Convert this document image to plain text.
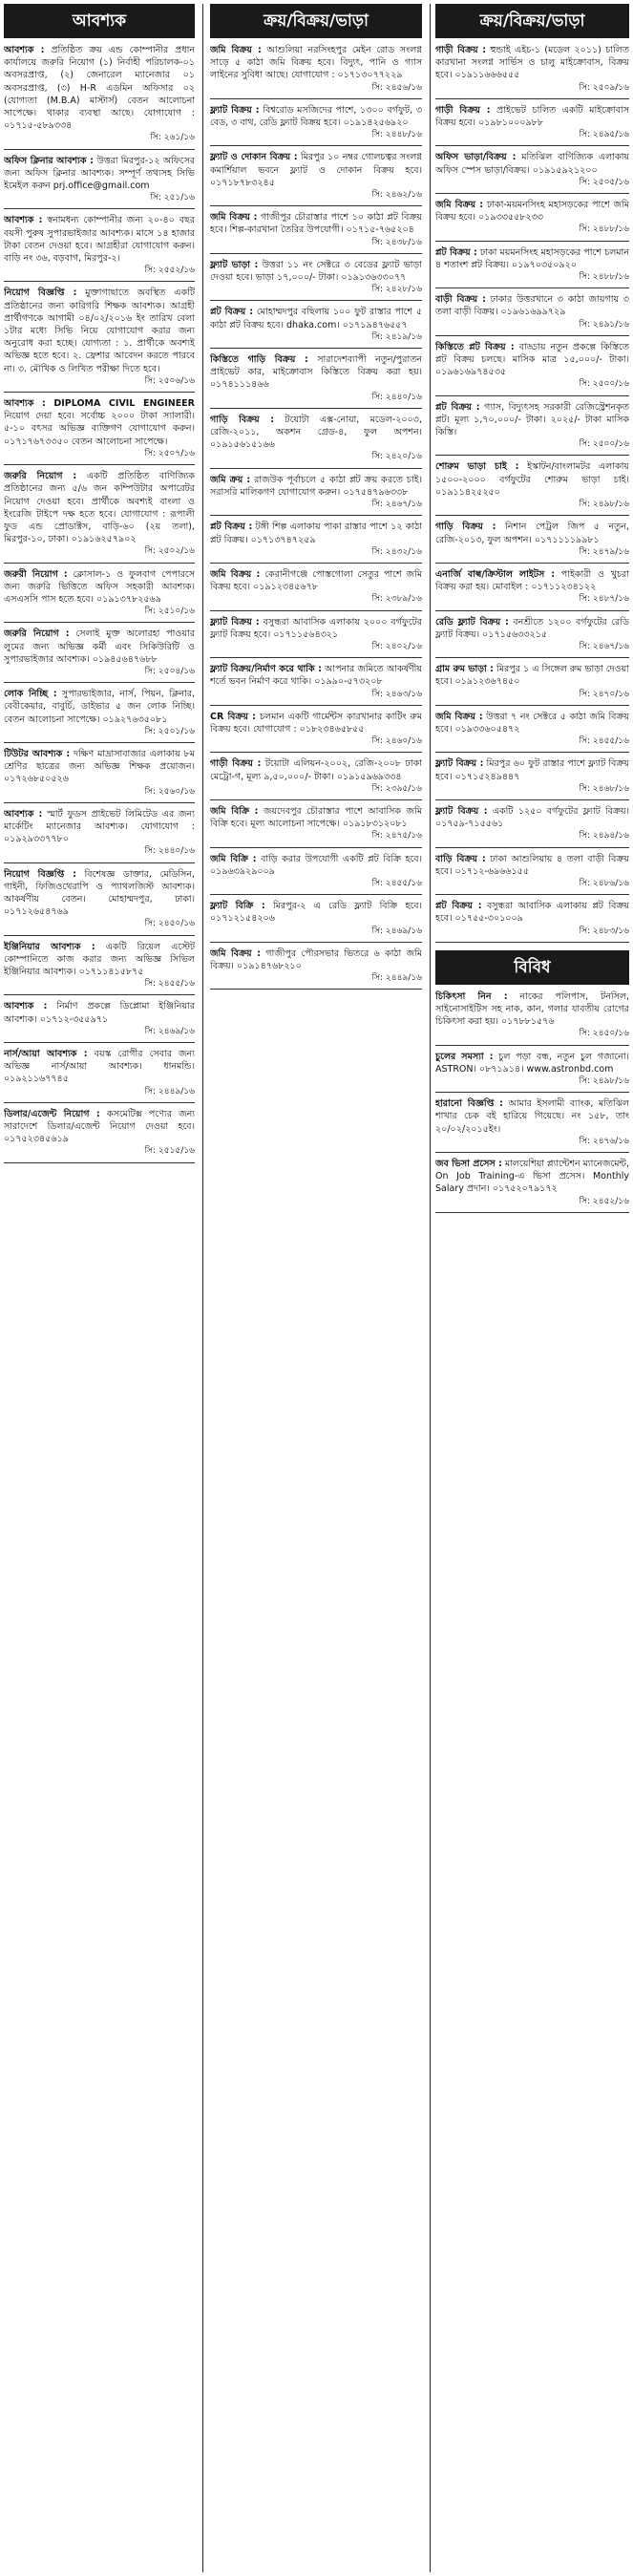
আবশ্যক
আবশ্যক : প্রতিষ্ঠিত ক্রয় এন্ড কোম্পানীর প্রধান কার্যালয়ে জরুরি নিয়োগ (১) নির্বাহী পরিচালক-০১ অবসরপ্রাপ্ত, (২) জেনারেল ম্যানেজার ০১ অবসরপ্রাপ্ত, (৩) H-R এডমিন অফিসার ০২ (যোগ্যতা (M.B.A) মাস্টার্স) বেতন আলোচনা সাপেক্ষে। থাকার ব্যবস্থা আছে। যোগাযোগ : ০১৭১৫-৫৮৯৩৩৪
সি: ২৬১/১৬
অফিস ক্লিনার আবশ্যক : উত্তরা মিরপুর-১২ অফিসের জন্য অফিস ক্লিনার আবশ্যক। সম্পূর্ণ তথ্যসহ সিভি ইমেইল করুন prj.office@gmail.com
সি: ২৫১/১৬
আবশ্যক : স্বনামধন্য কোম্পানীর জন্য ২০-৪০ বছর বয়সী পুরুষ সুপারভাইজার আবশ্যক। মাসে ১৪ হাজার টাকা বেতন দেওয়া হবে। আগ্রহীরা যোগাযোগ করুন। বাড়ি নং ৩৬, বড়বাগ, মিরপুর-২।
সি: ২৫৫২/১৬
নিয়োগ বিজ্ঞপ্তি : মুক্তাগাছাতে অবস্থিত একটি প্রতিষ্ঠানের জন্য কারিগরি শিক্ষক আবশ্যক। আগ্রহী প্রার্থীগণকে আগামী ০৪/০২/২০১৬ ইং তারিখ বেলা ১টার মধ্যে সিভি নিয়ে যোগাযোগ করার জন্য অনুরোধ করা হচ্ছে। যোগ্যতা : ১. প্রার্থীকে অবশ্যই অভিজ্ঞ হতে হবে। ২. ফ্রেশার আবেদন করতে পারবে না। ৩. মৌখিক ও লিখিত পরীক্ষা দিতে হবে।
সি: ২৫০৬/১৬
আবশ্যক : DIPLOMA CIVIL ENGINEER নিয়োগ দেয়া হবে। সর্বোচ্চ ২০০০ টাকা স্যালারী। ৫-১০ বৎসর অভিজ্ঞ ব্যক্তিগণ যোগাযোগ করুন। ০১৭১৭৬৭৩৩৫০ বেতন আলোচনা সাপেক্ষে।
সি: ২৫০৭/১৬
জরুরি নিয়োগ : একটি প্রতিষ্ঠিত বাণিজ্যিক প্রতিষ্ঠানের জন্য ৫/৬ জন কম্পিউটার অপারেটর নিয়োগ দেওয়া হবে। প্রার্থীকে অবশ্যই বাংলা ও ইংরেজি টাইপে দক্ষ হতে হবে। যোগাযোগ : রূপালী ফুড এন্ড প্রোডাক্টস, বাড়ি-৬০ (২য় তলা), মিরপুর-১০, ঢাকা। ০১৯১৬২৫৭৯০২
সি: ২৫০২/১৬
জরুরী নিয়োগ : ক্লোসাল-১ ও ফুলবাগ পেপারসে জন্য জরুরি ভিত্তিতে অফিস সহকারী আবশ্যক। এসএসসি পাস হতে হবে। ০১৯১৩৭৮২৫৬৯
সি: ২৫১০/১৬
জরুরি নিয়োগ : সেলাই মুক্ত অলোরহা পাওয়ার লুমের জন্য অভিজ্ঞ কর্মী এবং সিকিউরিটি ও সুপারভাইজার আবশ্যক। ০১৯৪৫৬৪৭৬৮৮
সি: ২৫০৪/১৬
লোক নিচ্ছি : সুপারভাইজার, নার্স, পিয়ন, ক্লিনার, বেবীকেয়ার, বাবুর্চি, ডাইভার ৫ জন লোক নিচ্ছি। বেতন আলোচনা সাপেক্ষে। ০১৯২৭৬৩৫০৮১
সি: ২৫০১/১৬
টিউটর আবশ্যক : দক্ষিণ মাদ্রাসাবাজার এলাকায় ৮ম শ্রেণির ছাত্রের জন্য অভিজ্ঞ শিক্ষক প্রয়োজন। ০১৭২৬৮৫০৫২৬
সি: ২৫৬০/১৬
আবশ্যক : স্মার্ট ফুডস প্রাইভেট লিমিটেড এর জন্য মার্কেটিং ম্যানেজার আবশ্যক। যোগাযোগ : ০১৯২৯৩৩৭৭৮০
সি: ২৪৪০/১৬
নিয়োগ বিজ্ঞপ্তি : বিশেষজ্ঞ ডাক্তার, মেডিসিন, গাইনী, ফিজিওথেরাপি ও প্যাথলজিস্ট আবশ্যক। আকর্ষণীয় বেতন। মোহাম্মদপুর, ঢাকা। ০১৭১২৬৫৪৭৬৯
সি: ২৪৫০/১৬
ইঞ্জিনিয়ার আবশ্যক : একটি রিয়েল এস্টেট কোম্পানিতে কাজ করার জন্য অভিজ্ঞ সিভিল ইঞ্জিনিয়ার আবশ্যক। ০১৭১১৪১৫৮৭৫
সি: ২৪৫৫/১৬
আবশ্যক : নির্মাণ প্রকল্পে ডিপ্লোমা ইঞ্জিনিয়ার আবশ্যক। ০১৭১২-৩৫৫৯৭১
সি: ২৪৬৯/১৬
নার্স/আয়া আবশ্যক : বয়স্ক রোগীর সেবার জন্য অভিজ্ঞ নার্স/আয়া আবশ্যক। ধানমন্ডি। ০১৯২১১৬৭৭৪৫
সি: ২৪৪৯/১৬
ডিলার/এজেন্ট নিয়োগ : কসমেটিক্স পণ্যের জন্য সারাদেশে ডিলার/এজেন্ট নিয়োগ দেওয়া হবে। ০১৭৫২৩৪৫৬১৯
সি: ২৫১৫/১৬
ক্রয়/বিক্রয়/ভাড়া
জমি বিক্রয় : আশুলিয়া নরসিংহপুর মেইন রোড সংলগ্ন সাড়ে ৫ কাঠা জমি বিক্রয় হবে। বিদ্যুৎ, পানি ও গ্যাস লাইনের সুবিধা আছে। যোগাযোগ : ০১৭১৩০৭৭২২৯
সি: ২৪৫৬/১৬
ফ্ল্যাট বিক্রয় : বিশ্বরোড মসজিদের পাশে, ১৩০০ বর্গফুট, ৩ বেড, ৩ বাথ, রেডি ফ্ল্যাট বিক্রয় হবে। ০১৯১৪২৫৬৯২০
সি: ২৪৪৮/১৬
ফ্ল্যাট ও দোকান বিক্রয় : মিরপুর ১০ নম্বর গোলচত্বর সংলগ্ন কমার্শিয়াল ভবনে ফ্ল্যাট ও দোকান বিক্রয় হবে। ০১৭১৮৭৮৩২৪৫
সি: ২৪৬২/১৬
জমি বিক্রয় : গাজীপুর চৌরাস্তার পাশে ১০ কাঠা প্লট বিক্রয় হবে। শিল্প-কারখানা তৈরির উপযোগী। ০১৭১৫-৭৬৫২০৪
সি: ২৪৩৮/১৬
ফ্ল্যাট ভাড়া : উত্তরা ১১ নং সেক্টরে ৩ বেডের ফ্ল্যাট ভাড়া দেওয়া হবে। ভাড়া ১৭,০০০/- টাকা। ০১৯১৩৬৩৩০৭৭
সি: ২৪২৮/১৬
প্লট বিক্রয় : মোহাম্মদপুর বছিলায় ১০০ ফুট রাস্তার পাশে ৫ কাঠা প্লট বিক্রয় হবে। dhaka.com। ০১৭১৯৪৭৬৫৫৭
সি: ২৪১৯/১৬
কিস্তিতে গাড়ি বিক্রয় : সারাদেশব্যাপী নতুন/পুরাতন প্রাইভেট কার, মাইক্রোবাস কিস্তিতে বিক্রয় করা হয়। ০১৭৪১১১৪৬৬
সি: ২৪৪০/১৬
গাড়ি বিক্রয় : টয়োটা এক্স-নোয়া, মডেল-২০০৩, রেজি-২০১১, অকশন গ্রেড-৪, ফুল অপশন। ০১৯১৫৬১৫১৬৬
সি: ২৪২০/১৬
জমি ক্রয় : রাজউক পূর্বাচলে ৫ কাঠা প্লট ক্রয় করতে চাই। সরাসরি মালিকগণ যোগাযোগ করুন। ০১৭৫৪৭৯৬৩৩৮
সি: ২৪৬৭/১৬
প্লট বিক্রয় : টঙ্গী শিল্প এলাকায় পাকা রাস্তার পাশে ১২ কাঠা প্লট বিক্রয়। ০১৭১৩৭৪৭২৫৯
সি: ২৪৩২/১৬
জমি বিক্রয় : কেরানীগঞ্জে পোস্তগোলা সেতুর পাশে জমি বিক্রয় হবে। ০১৯১২৩৪৫৬৭৮
সি: ২৩৮৯/১৬
ফ্ল্যাট বিক্রয় : বসুন্ধরা আবাসিক এলাকায় ২০০০ বর্গফুটের ফ্ল্যাট বিক্রয় হবে। ০১৭১১৫৬৪৩২১
সি: ২৪০২/১৬
ফ্ল্যাট বিক্রয়/নির্মাণ করে থাকি : আপনার জমিতে আকর্ষণীয় শর্তে ভবন নির্মাণ করে থাকি। ০১৯৯০-৫৭৩২০৮
সি: ২৪৬৩/১৬
CR বিক্রয় : চলমান একটি গার্মেন্টস কারখানার কাটিং রুম বিক্রয় হবে। যোগাযোগ : ০১৮২৩৪৬৫৮৫৫
সি: ২৪৬০/১৬
গাড়ী বিক্রয় : টয়োটা এলিয়ন-২০০২, রেজি-২০০৮ ঢাকা মেট্রো-গ, মূল্য ৯,৫০,০০০/- টাকা। ০১৯১৫৯৬৯৩৩৪
সি: ২৩৯৫/১৬
জমি বিক্রি : জয়দেবপুর চৌরাস্তার পাশে আবাসিক জমি বিক্রি হবে। মূল্য আলোচনা সাপেক্ষে। ০১৯১৮৩১২০৮১
সি: ২৪৭৫/১৬
জমি বিক্রি : বাড়ি করার উপযোগী একটি প্লট বিক্রি হবে। ০১৯৬৩৯২৯০০৯
সি: ২৪৫৫/১৬
ফ্ল্যাট বিক্রি : মিরপুর-২ এ রেডি ফ্ল্যাট বিক্রি হবে। ০১৭১২১৫৪২০৬
সি: ২৪৬৯/১৬
জমি বিক্রয় : গাজীপুর পৌরসভার ভিতরে ৬ কাঠা জমি বিক্রয়। ০১৯১৪৭৬৮২১০
সি: ২৪৪৯/১৬
ক্রয়/বিক্রয়/ভাড়া
গাড়ী বিক্রয় : হুন্ডাই এইচ-১ (মডেল ২০১১) চালিত কারখানা সংলগ্ন সার্ভিস ও চালু মাইক্রোবাস, বিক্রয় হবে। ০১৯১১৬৬৬৫৫৫
সি: ২৫০৯/১৬
গাড়ী বিক্রয় : প্রাইভেট চালিত একটি মাইক্রোবাস বিক্রয় হবে। ০১৯৮১০০০৯৮৮
সি: ২৪৯৫/১৬
অফিস ভাড়া/বিক্রয় : মতিঝিল বাণিজ্যিক এলাকায় অফিস স্পেস ভাড়া/বিক্রয়। ০১৯১৫৯২১২০০
সি: ২৫০৫/১৬
জমি বিক্রয় : ঢাকা-ময়মনসিংহ মহাসড়কের পাশে জমি বিক্রয় হবে। ০১৯৩৩৫৫৮২৩৩
সি: ২৪৮৮/১৬
প্লট বিক্রয় : ঢাকা ময়মনসিংহ মহাসড়কের পাশে চলমান ৪ শতাংশ প্লট বিক্রয়। ০১৯৭০৩৫০৯২০
সি: ২৪৮৮/১৬
বাড়ী বিক্রয় : ঢাকার উত্তরখানে ৩ কাঠা জায়গায় ৩ তলা বাড়ী বিক্রয়। ০১৯৬১৬৯৯৭২৯
সি: ২৪৯১/১৬
কিস্তিতে প্লট বিক্রয় : বাড্ডায় নতুন প্রকল্পে কিস্তিতে প্লট বিক্রয় চলছে। মাসিক মাত্র ১৫,০০০/- টাকা। ০১৯৬১৬৯৭৪৫৩৫
সি: ২৫০০/১৬
প্লট বিক্রয় : গ্যাস, বিদ্যুৎসহ সরকারী রেজিস্ট্রেশনকৃত প্লট। মূল্য ১,৭০,০০০/- টাকা। ২০২৫/- টাকা মাসিক কিস্তি।
সি: ২৫০০/১৬
শোরুম ভাড়া চাই : ইস্কাটন/বাংলামটর এলাকায় ১৫০০-২০০০ বর্গফুটের শোরুম ভাড়া চাই। ০১৯১১৪২৫২৫০
সি: ২৪৯৮/১৬
গাড়ি বিক্রয় : নিশান পেট্রল জিপ ৫ নতুন, রেজি-২০১৩, ফুল অপশন। ০১৭১১১১৯৯৮১
সি: ২৪৭৯/১৬
এনার্জি বাল্ব/ক্রিস্টাল লাইটস : পাইকারী ও খুচরা বিক্রয় করা হয়। মোবাইল : ০১৭১১২৩৪১২২
সি: ২৪৮৭/১৬
রেডি ফ্ল্যাট বিক্রয় : বনশ্রীতে ১২০০ বর্গফুটের রেডি ফ্ল্যাট বিক্রয়। ০১৭১৫৬৩৩২১৫
সি: ২৪৬৭/১৬
গ্রাম রুম ভাড়া : মিরপুর ১ এ সিঙ্গেল রুম ভাড়া দেওয়া হবে। ০১৯১২৩৬৭৪৫০
সি: ২৪৭০/১৬
জমি বিক্রয় : উত্তরা ৭ নং সেক্টরে ৫ কাঠা জমি বিক্রয় হবে। ০১৯৩৩৬০৫৪৭২
সি: ২৪৫৫/১৬
ফ্ল্যাট বিক্রয় : মিরপুর ৬০ ফুট রাস্তার পাশে ফ্ল্যাট বিক্রয় হবে। ০১৭১৫২৪৯৪৪৭
সি: ২৪৬৮/১৬
ফ্ল্যাট বিক্রয় : একটি ১২৫০ বর্গফুটের ফ্ল্যাট বিক্রয়। ০১৭৫৯-৭১৫৫৬১
সি: ২৪৯৪/১৬
বাড়ি বিক্রয় : ঢাকা আশুলিয়ায় ৪ তলা বাড়ী বিক্রয় হবে। ০১৭১২-৬৯৬৬১৫৫
সি: ২৪৮৬/১৬
প্লট বিক্রয় : বসুন্ধরা আবাসিক এলাকায় প্লট বিক্রয় হবে। ০১৭৫৫-৩০১০০৯
সি: ২৪৮৩/১৬
বিবিধ
চিকিৎসা নিন : নাকের পলিপাস, টনসিল, সাইনোসাইটিস সহ নাক, কান, গলার যাবতীয় রোগের চিকিৎসা করা হয়। ০১৭৮৮১৫৭৬
সি: ২৪৫০/১৬
চুলের সমস্যা : চুল পড়া বন্ধ, নতুন চুল গজানো। ASTRON। ০৮৭১৯১৪। www.astronbd.com
সি: ২৪৯৮/১৬
হারানো বিজ্ঞপ্তি : আমার ইসলামী ব্যাংক, মতিঝিল শাখার চেক বই হারিয়ে গিয়েছে। নং ১৫৮, তাং ২০/০২/২০১৫ইং।
সি: ২৪৭৬/১৬
জব ভিসা প্রসেস : মালয়েশিয়া প্ল্যান্টেশন ম্যানেজমেন্ট, On Job Training-এ ভিসা প্রসেস। Monthly Salary প্রদান। ০১৭৫২০৭৯১৭২
সি: ২৪৫২/১৬
